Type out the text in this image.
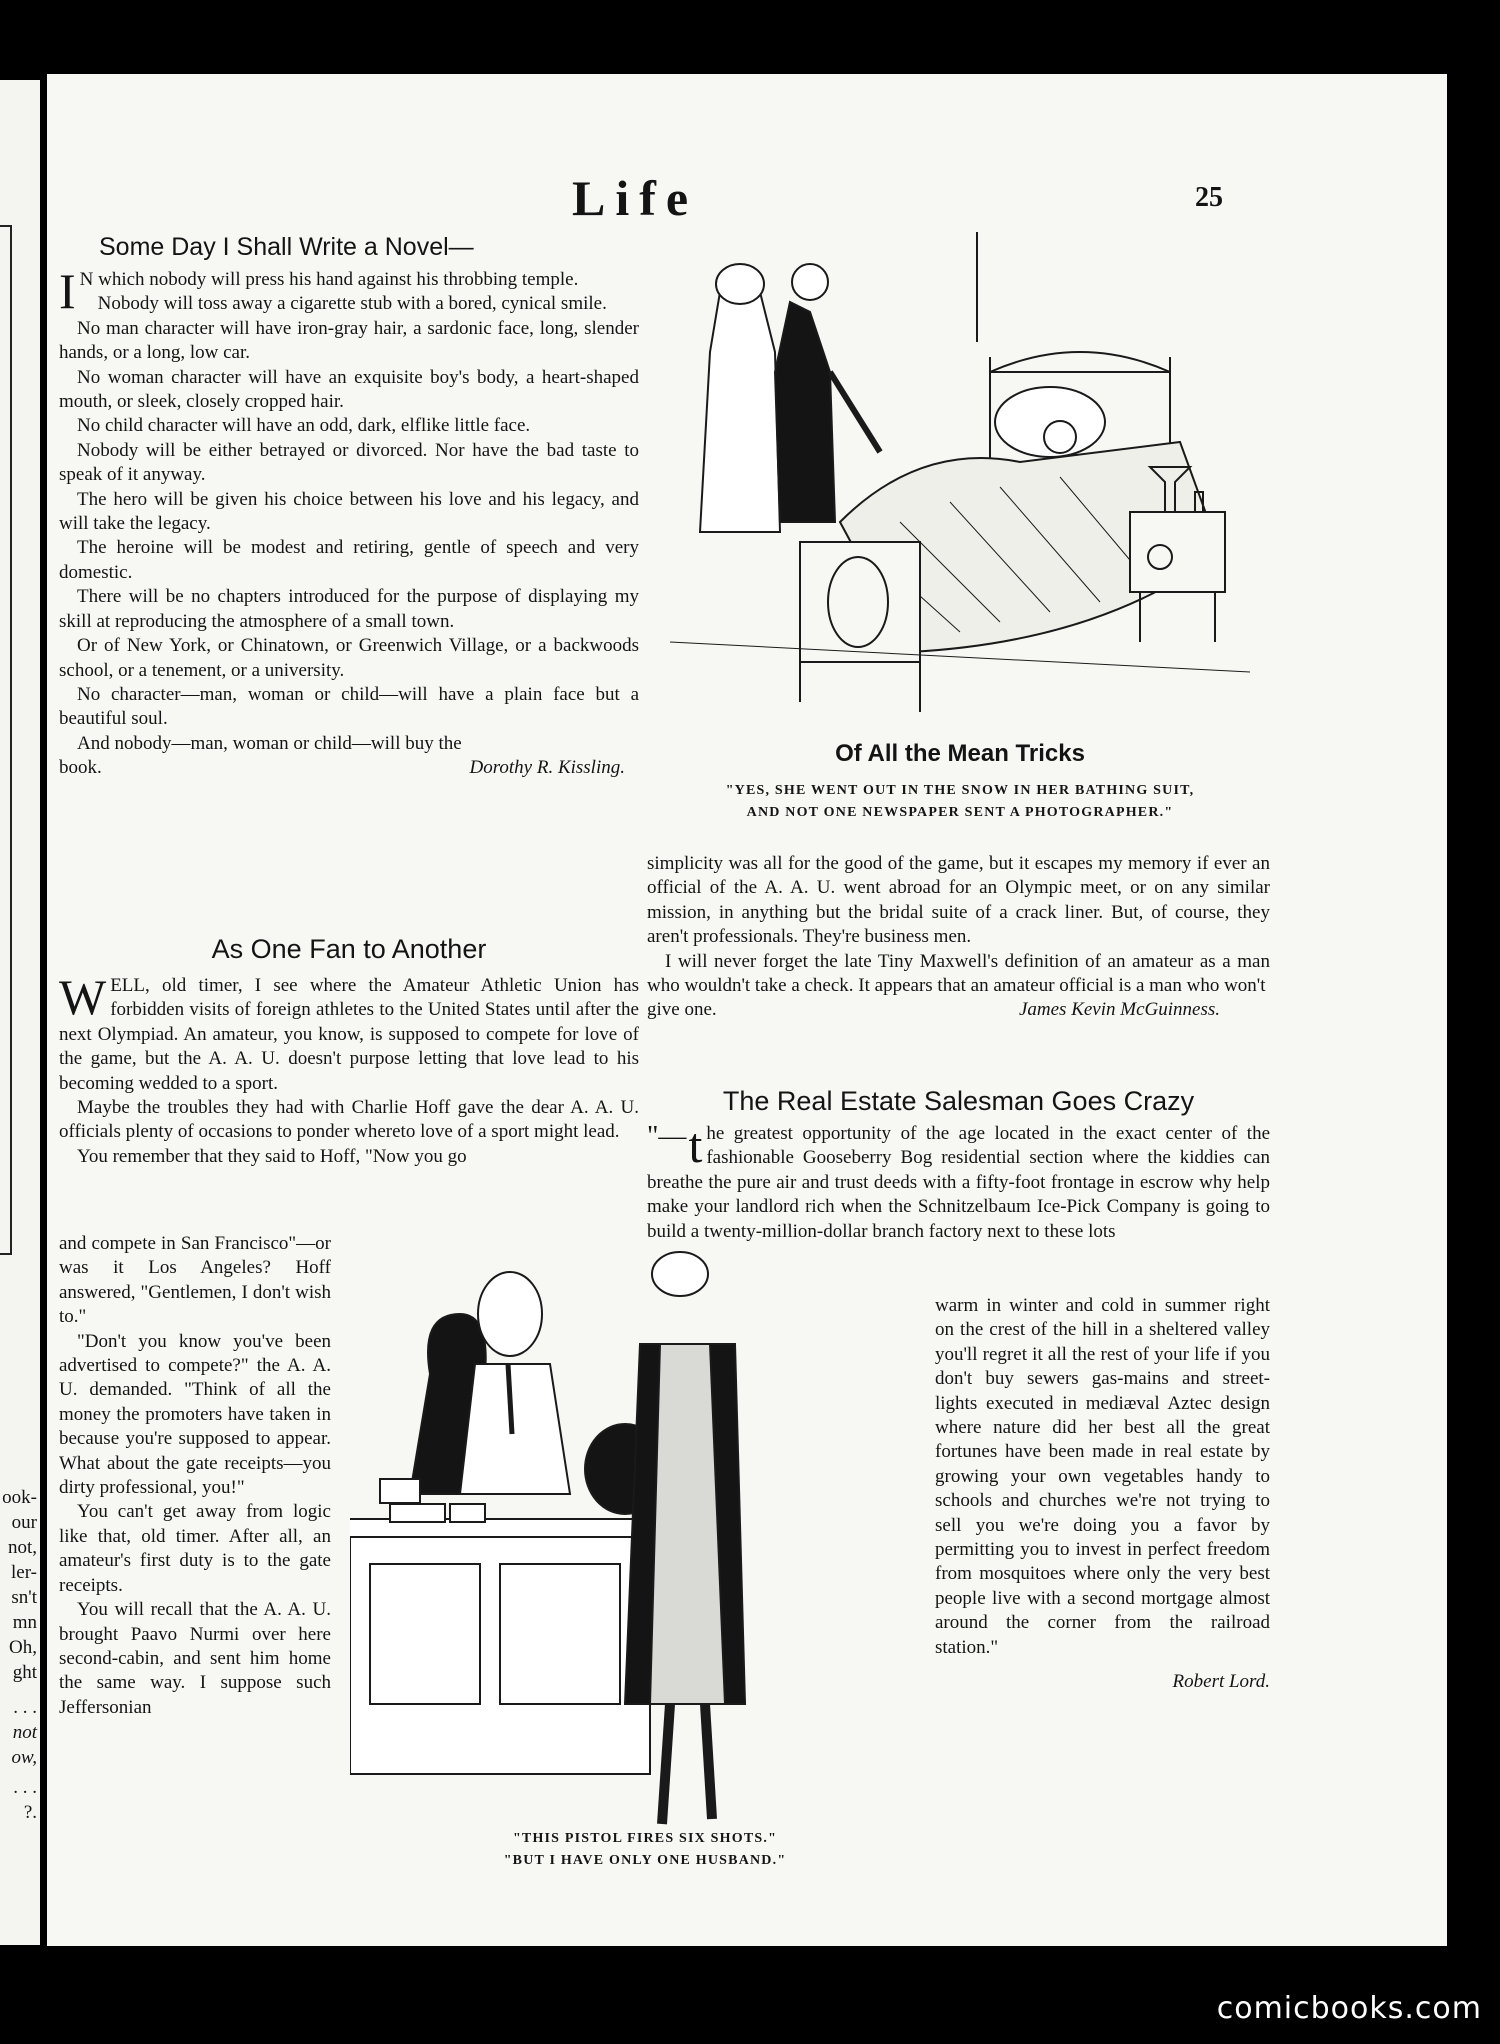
ook-
our
not,
ler-
sn't
mn
Oh,
ght
. . .
not
ow,
. . .
?.
Life	25
Some Day I Shall Write a Novel—

I N which nobody will press his hand against his throbbing temple.

Nobody will toss away a cigarette stub with a bored, cynical smile.

No man character will have iron-gray hair, a sardonic face, long, slender hands, or a long, low car.

No woman character will have an exquisite boy's body, a heart-shaped mouth, or sleek, closely cropped hair.

No child character will have an odd, dark, elflike little face.

Nobody will be either betrayed or divorced. Nor have the bad taste to speak of it anyway.

The hero will be given his choice between his love and his legacy, and will take the legacy.

The heroine will be modest and retiring, gentle of speech and very domestic.

There will be no chapters introduced for the purpose of displaying my skill at reproducing the atmosphere of a small town.

Or of New York, or Chinatown, or Greenwich Village, or a backwoods school, or a tenement, or a university.

No character—man, woman or child—will have a plain face but a beautiful soul.

And nobody—man, woman or child—will buy the

book.	Dorothy R. Kissling.
As One Fan to Another

WELL, old timer, I see where the Amateur Athletic Union has forbidden visits of foreign athletes to the United States until after the next Olympiad. An amateur, you know, is supposed to compete for love of the game, but the A. A. U. doesn't purpose letting that love lead to his becoming wedded to a sport.

Maybe the troubles they had with Charlie Hoff gave the dear A. A. U. officials plenty of occasions to ponder whereto love of a sport might lead.

You remember that they said to Hoff, "Now you go

and compete in San Francisco"—or was it Los Angeles? Hoff answered, "Gentlemen, I don't wish to."

"Don't you know you've been advertised to compete?" the A. A. U. demanded. "Think of all the money the promoters have taken in because you're supposed to appear. What about the gate receipts—you dirty professional, you!"

You can't get away from logic like that, old timer. After all, an amateur's first duty is to the gate receipts.

You will recall that the A. A. U. brought Paavo Nurmi over here second-cabin, and sent him home the same way. I suppose such Jeffersonian

Of All the Mean Tricks
"YES, SHE WENT OUT IN THE SNOW IN HER BATHING SUIT,
AND NOT ONE NEWSPAPER SENT A PHOTOGRAPHER."

simplicity was all for the good of the game, but it escapes my memory if ever an official of the A. A. U. went abroad for an Olympic meet, or on any similar mission, in anything but the bridal suite of a crack liner. But, of course, they aren't professionals. They're business men.

I will never forget the late Tiny Maxwell's definition of an amateur as a man who wouldn't take a check. It appears that an amateur official is a man who won't

give one.	James Kevin McGuinness.
The Real Estate Salesman Goes Crazy

"— t he greatest opportunity of the age located in the exact center of the fashionable Gooseberry Bog residential section where the kiddies can breathe the pure air and trust deeds with a fifty-foot frontage in escrow why help make your landlord rich when the Schnitzelbaum Ice-Pick Company is going to build a twenty-million-dollar branch factory next to these lots

warm in winter and cold in summer right on the crest of the hill in a sheltered valley you'll regret it all the rest of your life if you don't buy sewers gas-mains and street-lights executed in mediæval Aztec design where nature did her best all the great fortunes have been made in real estate by growing your own vegetables handy to schools and churches we're not trying to sell you we're doing you a favor by permitting you to invest in perfect freedom from mosquitoes where only the very best people live with a second mortgage almost around the corner from the railroad station."

Robert Lord.

"THIS PISTOL FIRES SIX SHOTS."
"BUT I HAVE ONLY ONE HUSBAND."
comicbooks.com
